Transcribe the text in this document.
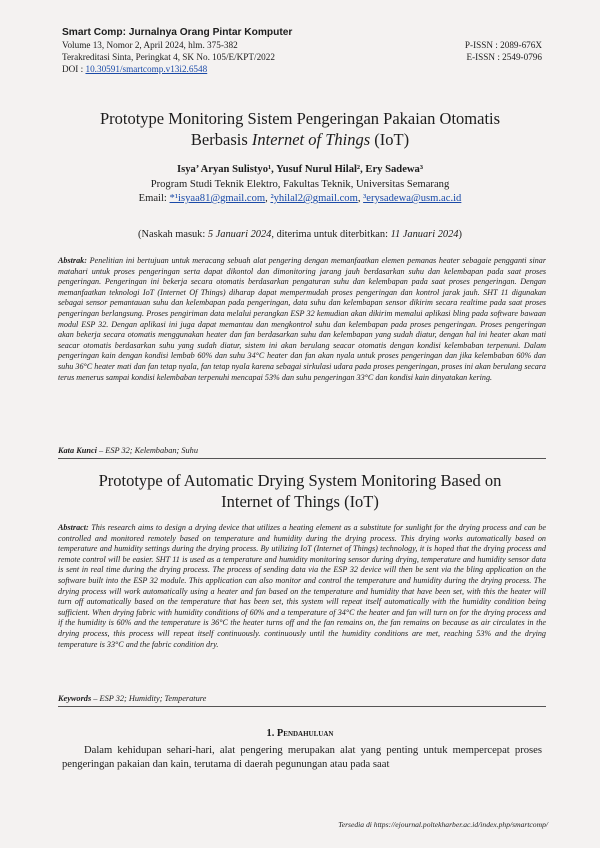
Smart Comp: Jurnalnya Orang Pintar Komputer
Volume 13, Nomor 2, April 2024, hlm. 375-382	P-ISSN : 2089-676X
Terakreditasi Sinta, Peringkat 4, SK No. 105/E/KPT/2022	E-ISSN : 2549-0796
DOI : 10.30591/smartcomp.v13i2.6548
Prototype Monitoring Sistem Pengeringan Pakaian Otomatis
Berbasis Internet of Things (IoT)
Isya’ Aryan Sulistyo¹, Yusuf Nurul Hilal², Ery Sadewa³
Program Studi Teknik Elektro, Fakultas Teknik, Universitas Semarang
Email: *¹isyaa81@gmail.com, ²yhilal2@gmail.com, ³erysadewa@usm.ac.id
(Naskah masuk: 5 Januari 2024, diterima untuk diterbitkan: 11 Januari 2024)
Abstrak: Penelitian ini bertujuan untuk meracang sebuah alat pengering dengan memanfaatkan elemen pemanas heater sebagaie pengganti sinar matahari untuk proses pengeringan serta dapat dikontol dan dimonitoring jarang jauh berdasarkan suhu dan kelembapan pada saat proses pengeringan. Pengeringan ini bekerja secara otomatis berdasarkan pengaturan suhu dan kelembapan pada saat proses pengeringan. Dengan memanfaatkan teknologi IoT (Internet Of Things) diharap dapat mempermudah proses pengeringan dan kontrol jarak jauh. SHT 11 digunakan sebagai sensor pemantauan suhu dan kelembapan pada pengeringan, data suhu dan kelembapan sensor dikirim secara realtime pada saat proses pengeringan berlangsung. Proses pengiriman data melalui perangkan ESP 32 kemudian akan dikirim memalui aplikasi bling pada software bawaan modul ESP 32. Dengan aplikasi ini juga dapat memantau dan mengkontrol suhu dan kelembapan pada proses pengeringan. Proses pengeringan akan bekerja secara otomatis menggunakan heater dan fan berdasarkan suhu dan kelembapan yang sudah diatur, dengan hal ini heater akan mati seacar otomatis berdasarkan suhu yang sudah diatur, sistem ini akan berulang seacar otomatis dengan kondisi kelembaban terpenuni. Dalam pengeringan kain dengan kondisi lembab 60% dan suhu 34°C heater dan fan akan nyala untuk proses pengeringan dan jika kelembaban 60% dan suhu 36°C heater mati dan fan tetap nyala, fan tetap nyala karena sebagai sirkulasi udara pada proses pengeringan, proses ini akan berulang secara terus menerus sampai kondisi kelembaban terpenuhi mencapai 53% dan suhu pengeringan 33°C dan kondisi kain dinyatakan kering.
Kata Kunci – ESP 32; Kelembaban; Suhu
Prototype of Automatic Drying System Monitoring Based on
Internet of Things (IoT)
Abstract: This research aims to design a drying device that utilizes a heating element as a substitute for sunlight for the drying process and can be controlled and monitored remotely based on temperature and humidity during the drying process. This drying works automatically based on temperature and humidity settings during the drying process. By utilizing IoT (Internet of Things) technology, it is hoped that the drying process and remote control will be easier. SHT 11 is used as a temperature and humidity monitoring sensor during drying, temperature and humidity sensor data is sent in real time during the drying process. The process of sending data via the ESP 32 device will then be sent via the bling application on the software built into the ESP 32 module. This application can also monitor and control the temperature and humidity during the drying process. The drying process will work automatically using a heater and fan based on the temperature and humidity that have been set, with this the heater will turn off automatically based on the temperature that has been set, this system will repeat itself automatically with the humidity condition being sufficient. When drying fabric with humidity conditions of 60% and a temperature of 34°C the heater and fan will turn on for the drying process and if the humidity is 60% and the temperature is 36°C the heater turns off and the fan remains on, the fan remains on because as air circulates in the drying process, this process will repeat itself continuously. continuously until the humidity conditions are met, reaching 53% and the drying temperature is 33°C and the fabric condition dry.
Keywords – ESP 32; Humidity; Temperature
1. Pendahuluan
Dalam kehidupan sehari-hari, alat pengering merupakan alat yang penting untuk mempercepat proses pengeringan pakaian dan kain, terutama di daerah pegunungan atau pada saat
Tersedia di https://ejournal.poltekharber.ac.id/index.php/smartcomp/
